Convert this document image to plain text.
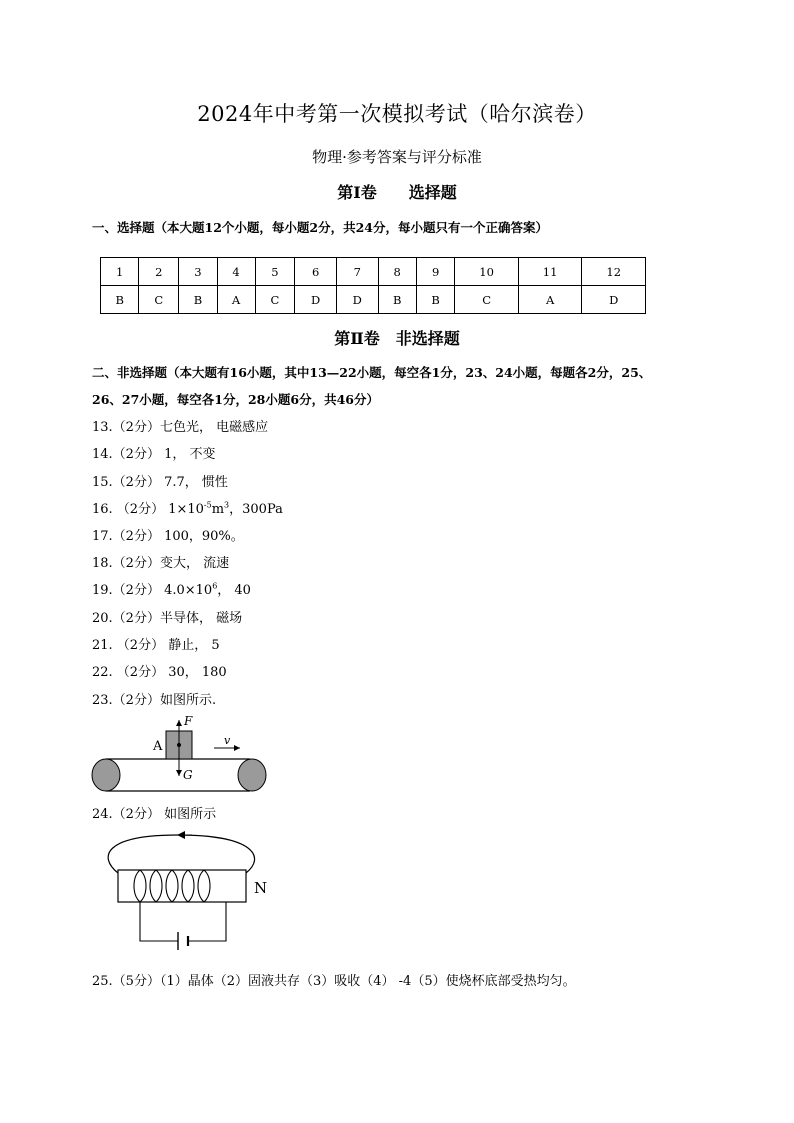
2024年中考第一次模拟考试（哈尔滨卷）
物理·参考答案与评分标准
第Ⅰ卷　　选择题
一、选择题（本大题12个小题，每小题2分，共24分，每小题只有一个正确答案）
1	2	3	4	5	6	7	8	9	10	11	12
B	C	B	A	C	D	D	B	B	C	A	D
第Ⅱ卷　非选择题
二、非选择题（本大题有16小题，其中13—22小题，每空各1分，23、24小题，每题各2分，25、
26、27小题，每空各1分，28小题6分，共46分）
13.（2分）七色光， 电磁感应
14.（2分） 1， 不变
15.（2分） 7.7， 惯性
16. （2分） $1\times 10^{-5}m^3$，300Pa
17.（2分） 100，90%。
18.（2分）变大， 流速
19.（2分） $4.0\times 10^6$， 40
20.（2分）半导体， 磁场
21. （2分） 静止， 5
22. （2分） 30， 180
23.（2分）如图所示.
A
F
G
v
24.（2分） 如图所示
N
25.（5分）（1）晶体（2）固液共存（3）吸收（4） -4（5）使烧杯底部受热均匀。
